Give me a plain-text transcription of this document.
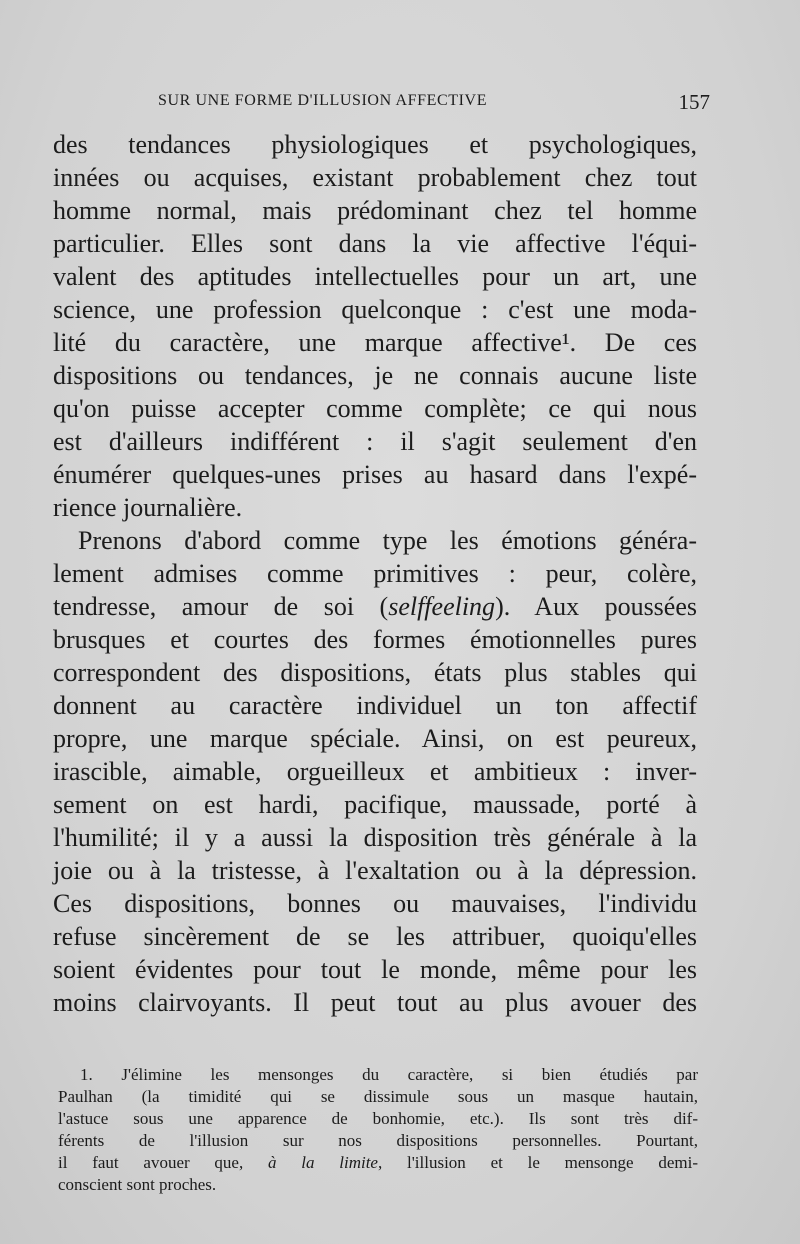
SUR UNE FORME D'ILLUSION AFFECTIVE	157
des tendances physiologiques et psychologiques,
innées ou acquises, existant probablement chez tout
homme normal, mais prédominant chez tel homme
particulier. Elles sont dans la vie affective l'équi-
valent des aptitudes intellectuelles pour un art, une
science, une profession quelconque : c'est une moda-
lité du caractère, une marque affective¹. De ces
dispositions ou tendances, je ne connais aucune liste
qu'on puisse accepter comme complète; ce qui nous
est d'ailleurs indifférent : il s'agit seulement d'en
énumérer quelques-unes prises au hasard dans l'expé-
rience journalière.
Prenons d'abord comme type les émotions généra-
lement admises comme primitives : peur, colère,
tendresse, amour de soi (selffeeling). Aux poussées
brusques et courtes des formes émotionnelles pures
correspondent des dispositions, états plus stables qui
donnent au caractère individuel un ton affectif
propre, une marque spéciale. Ainsi, on est peureux,
irascible, aimable, orgueilleux et ambitieux : inver-
sement on est hardi, pacifique, maussade, porté à
l'humilité; il y a aussi la disposition très générale à la
joie ou à la tristesse, à l'exaltation ou à la dépression.
Ces dispositions, bonnes ou mauvaises, l'individu
refuse sincèrement de se les attribuer, quoiqu'elles
soient évidentes pour tout le monde, même pour les
moins clairvoyants. Il peut tout au plus avouer des
1. J'élimine les mensonges du caractère, si bien étudiés par
Paulhan (la timidité qui se dissimule sous un masque hautain,
l'astuce sous une apparence de bonhomie, etc.). Ils sont très dif-
férents de l'illusion sur nos dispositions personnelles. Pourtant,
il faut avouer que, à la limite, l'illusion et le mensonge demi-
conscient sont proches.
